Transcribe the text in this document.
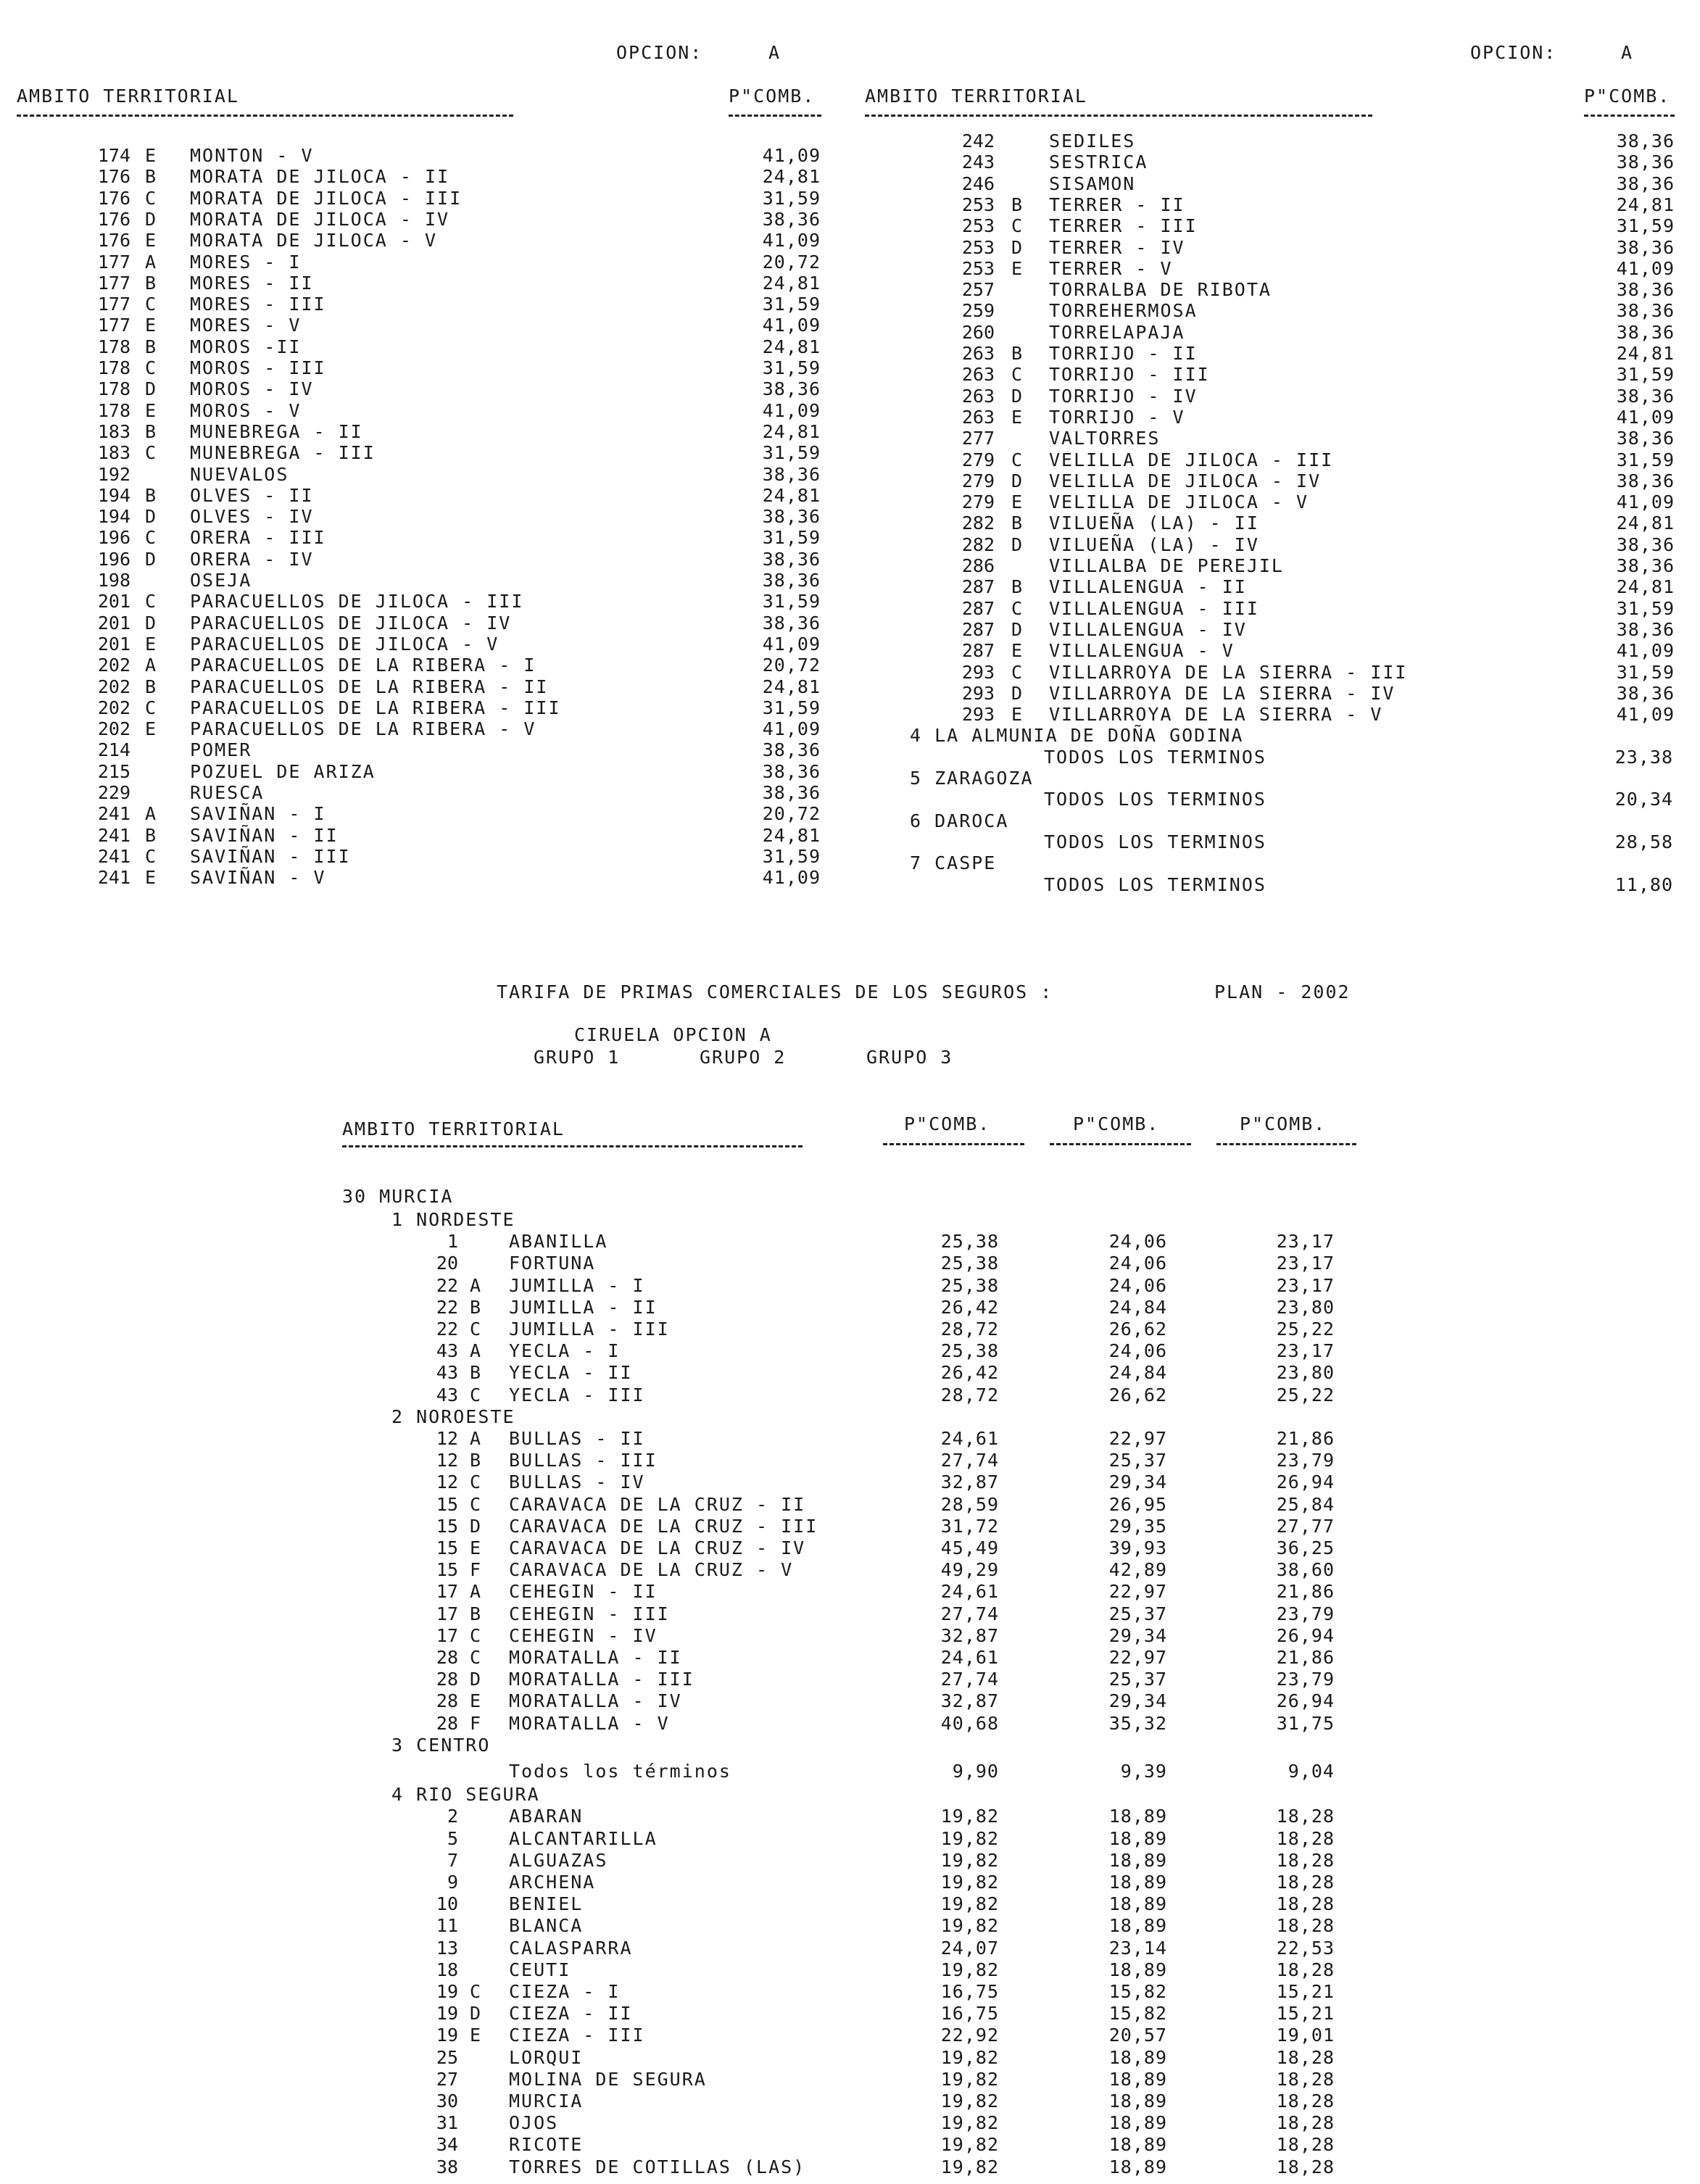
OPCION:	A
AMBITO TERRITORIAL	P"COMB.
174 E MONTON - V	41,09
176 B MORATA DE JILOCA - II	24,81
176 C MORATA DE JILOCA - III	31,59
176 D MORATA DE JILOCA - IV	38,36
176 E MORATA DE JILOCA - V	41,09
177 A MORES - I	20,72
177 B MORES - II	24,81
177 C MORES - III	31,59
177 E MORES - V	41,09
178 B MOROS -II	24,81
178 C MOROS - III	31,59
178 D MOROS - IV	38,36
178 E MOROS - V	41,09
183 B MUNEBREGA - II	24,81
183 C MUNEBREGA - III	31,59
192	NUEVALOS	38,36
194 B OLVES - II	24,81
194 D OLVES - IV	38,36
196 C ORERA - III	31,59
196 D ORERA - IV	38,36
198	OSEJA	38,36
201 C PARACUELLOS DE JILOCA - III	31,59
201 D PARACUELLOS DE JILOCA - IV	38,36
201 E PARACUELLOS DE JILOCA - V	41,09
202 A PARACUELLOS DE LA RIBERA - I	20,72
202 B PARACUELLOS DE LA RIBERA - II	24,81
202 C PARACUELLOS DE LA RIBERA - III	31,59
202 E PARACUELLOS DE LA RIBERA - V	41,09
214	POMER	38,36
215	POZUEL DE ARIZA	38,36
229	RUESCA	38,36
241 A SAVIÑAN - I	20,72
241 B SAVIÑAN - II	24,81
241 C SAVIÑAN - III	31,59
241 E SAVIÑAN - V	41,09
OPCION:	A
AMBITO TERRITORIAL	P"COMB.
242	SEDILES	38,36
243	SESTRICA	38,36
246	SISAMON	38,36
253 B TERRER - II	24,81
253 C TERRER - III	31,59
253 D TERRER - IV	38,36
253 E TERRER - V	41,09
257	TORRALBA DE RIBOTA	38,36
259	TORREHERMOSA	38,36
260	TORRELAPAJA	38,36
263 B TORRIJO - II	24,81
263 C TORRIJO - III	31,59
263 D TORRIJO - IV	38,36
263 E TORRIJO - V	41,09
277	VALTORRES	38,36
279 C VELILLA DE JILOCA - III	31,59
279 D VELILLA DE JILOCA - IV	38,36
279 E VELILLA DE JILOCA - V	41,09
282 B VILUEÑA (LA) - II	24,81
282 D VILUEÑA (LA) - IV	38,36
286	VILLALBA DE PEREJIL	38,36
287 B VILLALENGUA - II	24,81
287 C VILLALENGUA - III	31,59
287 D VILLALENGUA - IV	38,36
287 E VILLALENGUA - V	41,09
293 C VILLARROYA DE LA SIERRA - III	31,59
293 D VILLARROYA DE LA SIERRA - IV	38,36
293 E VILLARROYA DE LA SIERRA - V	41,09
4 LA ALMUNIA DE DOÑA GODINA
TODOS LOS TERMINOS	23,38
5 ZARAGOZA
TODOS LOS TERMINOS	20,34
6 DAROCA
TODOS LOS TERMINOS	28,58
7 CASPE
TODOS LOS TERMINOS	11,80
TARIFA DE PRIMAS COMERCIALES DE LOS SEGUROS :	PLAN - 2002
CIRUELA OPCION A
GRUPO 1	GRUPO 2	GRUPO 3
AMBITO TERRITORIAL	P"COMB.	P"COMB.	P"COMB.
30 MURCIA
1 NORDESTE
1	ABANILLA	25,38	24,06	23,17
20	FORTUNA	25,38	24,06	23,17
22 A JUMILLA - I	25,38	24,06	23,17
22 B JUMILLA - II	26,42	24,84	23,80
22 C JUMILLA - III	28,72	26,62	25,22
43 A YECLA - I	25,38	24,06	23,17
43 B YECLA - II	26,42	24,84	23,80
43 C YECLA - III	28,72	26,62	25,22
2 NOROESTE
12 A BULLAS - II	24,61	22,97	21,86
12 B BULLAS - III	27,74	25,37	23,79
12 C BULLAS - IV	32,87	29,34	26,94
15 C CARAVACA DE LA CRUZ - II	28,59	26,95	25,84
15 D CARAVACA DE LA CRUZ - III	31,72	29,35	27,77
15 E CARAVACA DE LA CRUZ - IV	45,49	39,93	36,25
15 F CARAVACA DE LA CRUZ - V	49,29	42,89	38,60
17 A CEHEGIN - II	24,61	22,97	21,86
17 B CEHEGIN - III	27,74	25,37	23,79
17 C CEHEGIN - IV	32,87	29,34	26,94
28 C MORATALLA - II	24,61	22,97	21,86
28 D MORATALLA - III	27,74	25,37	23,79
28 E MORATALLA - IV	32,87	29,34	26,94
28 F MORATALLA - V	40,68	35,32	31,75
3 CENTRO
Todos los términos	9,90	9,39	9,04
4 RIO SEGURA
2	ABARAN	19,82	18,89	18,28
5	ALCANTARILLA	19,82	18,89	18,28
7	ALGUAZAS	19,82	18,89	18,28
9	ARCHENA	19,82	18,89	18,28
10	BENIEL	19,82	18,89	18,28
11	BLANCA	19,82	18,89	18,28
13	CALASPARRA	24,07	23,14	22,53
18	CEUTI	19,82	18,89	18,28
19 C CIEZA - I	16,75	15,82	15,21
19 D CIEZA - II	16,75	15,82	15,21
19 E CIEZA - III	22,92	20,57	19,01
25	LORQUI	19,82	18,89	18,28
27	MOLINA DE SEGURA	19,82	18,89	18,28
30	MURCIA	19,82	18,89	18,28
31	OJOS	19,82	18,89	18,28
34	RICOTE	19,82	18,89	18,28
38	TORRES DE COTILLAS (LAS)	19,82	18,89	18,28
